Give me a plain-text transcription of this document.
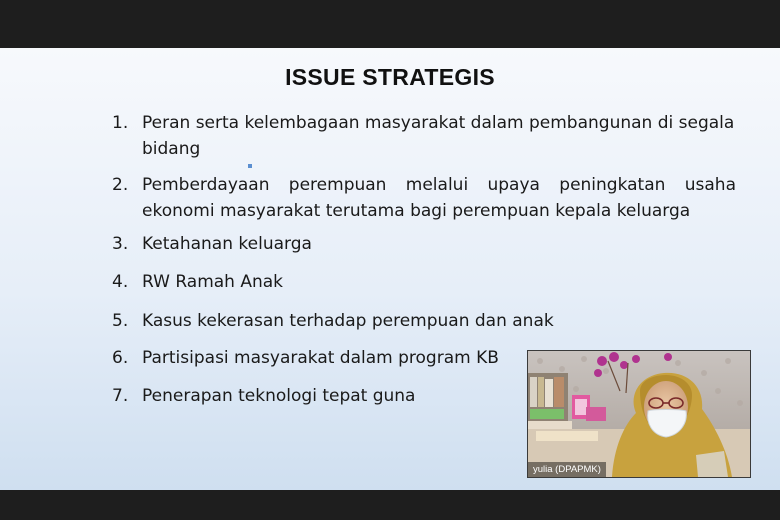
ISSUE STRATEGIS
1. Peran serta kelembagaan masyarakat dalam pembangunan di segala
bidang
2. Pemberdayaan perempuan melalui upaya peningkatan usaha
ekonomi masyarakat terutama bagi perempuan kepala keluarga
3. Ketahanan keluarga
4. RW Ramah Anak
5. Kasus kekerasan terhadap perempuan dan anak
6. Partisipasi masyarakat dalam program KB
7. Penerapan teknologi tepat guna
yulia (DPAPMK)
